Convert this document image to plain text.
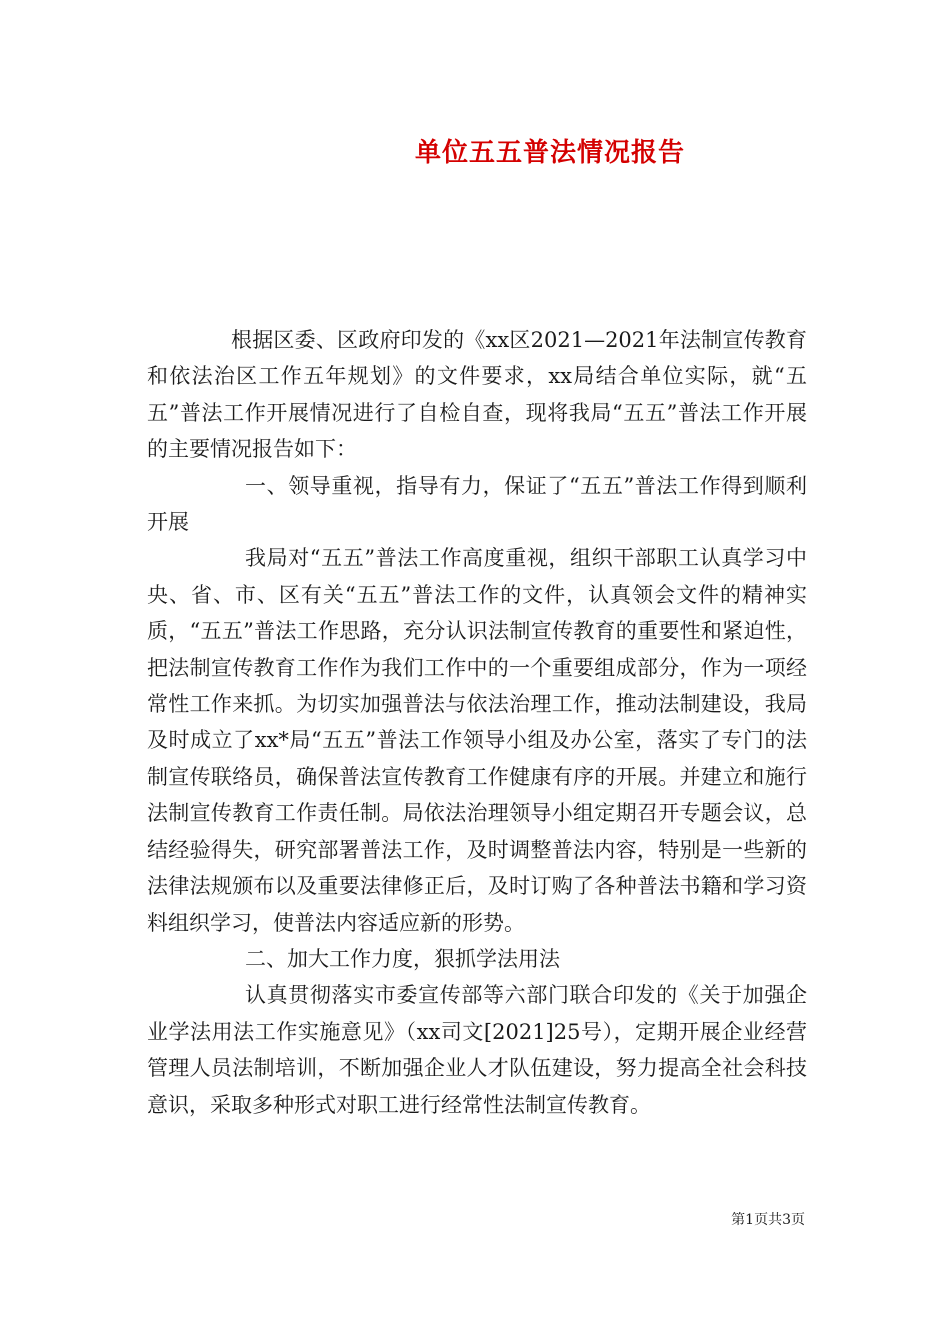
单位五五普法情况报告

根据区委、区政府印发的《xx区2021—2021年法制宣传教育和依法治区工作五年规划》的文件要求，xx局结合单位实际，就“五五”普法工作开展情况进行了自检自查，现将我局“五五”普法工作开展的主要情况报告如下：

一、领导重视，指导有力，保证了“五五”普法工作得到顺利开展

我局对“五五”普法工作高度重视，组织干部职工认真学习中央、省、市、区有关“五五”普法工作的文件，认真领会文件的精神实质，“五五”普法工作思路，充分认识法制宣传教育的重要性和紧迫性，把法制宣传教育工作作为我们工作中的一个重要组成部分，作为一项经常性工作来抓。为切实加强普法与依法治理工作，推动法制建设，我局及时成立了xx*局“五五”普法工作领导小组及办公室，落实了专门的法制宣传联络员，确保普法宣传教育工作健康有序的开展。并建立和施行法制宣传教育工作责任制。局依法治理领导小组定期召开专题会议，总结经验得失，研究部署普法工作，及时调整普法内容，特别是一些新的法律法规颁布以及重要法律修正后，及时订购了各种普法书籍和学习资料组织学习，使普法内容适应新的形势。

二、加大工作力度，狠抓学法用法

认真贯彻落实市委宣传部等六部门联合印发的《关于加强企业学法用法工作实施意见》（xx司文[2021]25号），定期开展企业经营管理人员法制培训，不断加强企业人才队伍建设，努力提高全社会科技意识，采取多种形式对职工进行经常性法制宣传教育。

第1页共3页
